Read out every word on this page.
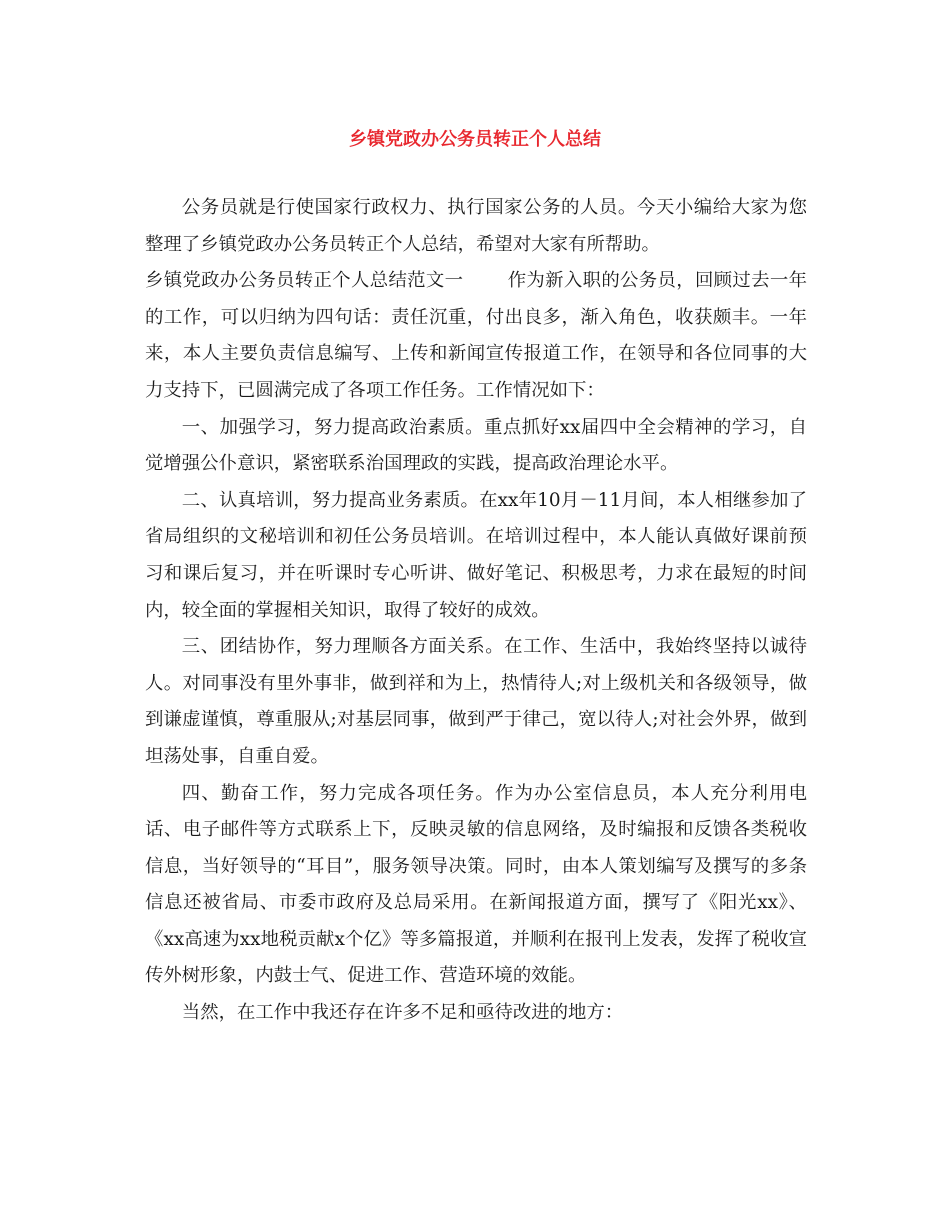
乡镇党政办公务员转正个人总结

公务员就是行使国家行政权力、执行国家公务的人员。今天小编给大家为您整理了乡镇党政办公务员转正个人总结，希望对大家有所帮助。

乡镇党政办公务员转正个人总结范文一 作为新入职的公务员，回顾过去一年的工作，可以归纳为四句话：责任沉重，付出良多，渐入角色，收获颇丰。一年来，本人主要负责信息编写、上传和新闻宣传报道工作，在领导和各位同事的大力支持下，已圆满完成了各项工作任务。工作情况如下：

一、加强学习，努力提高政治素质。重点抓好xx届四中全会精神的学习，自觉增强公仆意识，紧密联系治国理政的实践，提高政治理论水平。

二、认真培训，努力提高业务素质。在xx年10月－11月间，本人相继参加了省局组织的文秘培训和初任公务员培训。在培训过程中，本人能认真做好课前预习和课后复习，并在听课时专心听讲、做好笔记、积极思考，力求在最短的时间内，较全面的掌握相关知识，取得了较好的成效。

三、团结协作，努力理顺各方面关系。在工作、生活中，我始终坚持以诚待人。对同事没有里外事非，做到祥和为上，热情待人;对上级机关和各级领导，做到谦虚谨慎，尊重服从;对基层同事，做到严于律己，宽以待人;对社会外界，做到坦荡处事，自重自爱。

四、勤奋工作，努力完成各项任务。作为办公室信息员，本人充分利用电话、电子邮件等方式联系上下，反映灵敏的信息网络，及时编报和反馈各类税收信息，当好领导的“耳目”，服务领导决策。同时，由本人策划编写及撰写的多条信息还被省局、市委市政府及总局采用。在新闻报道方面，撰写了《阳光xx》、《xx高速为xx地税贡献x个亿》等多篇报道，并顺利在报刊上发表，发挥了税收宣传外树形象，内鼓士气、促进工作、营造环境的效能。

当然，在工作中我还存在许多不足和亟待改进的地方：
